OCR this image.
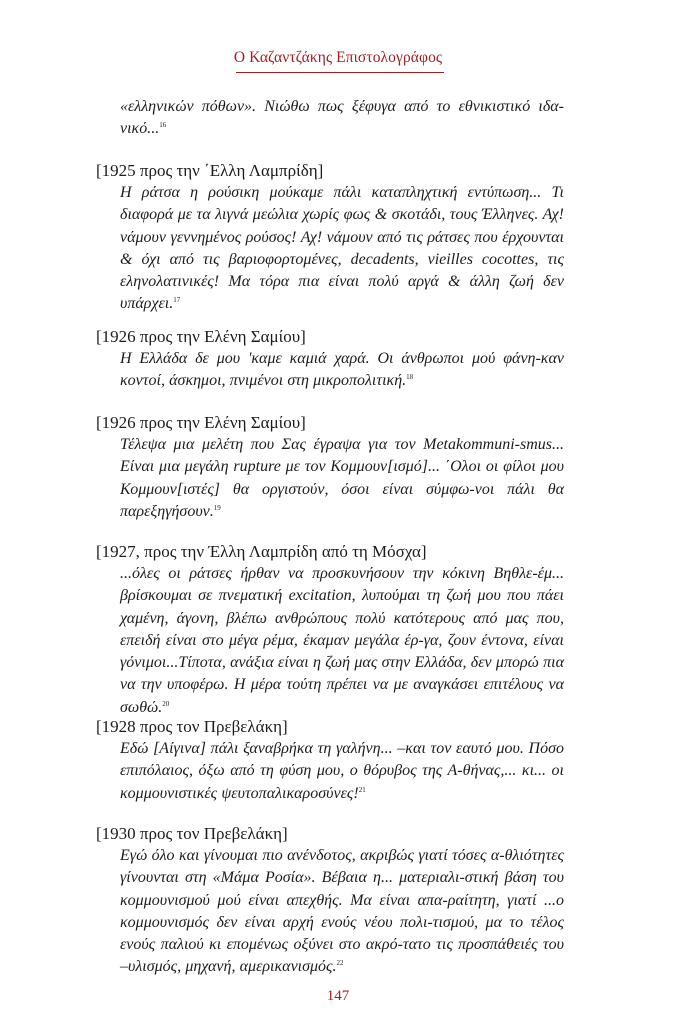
Ο Καζαντζάκης Επιστολογράφος
«ελληνικών πόθων». Νιώθω πως ξέφυγα από το εθνικιστικό ιδα-νικό...$^{16}$
[1925 προς την ΄Ελλη Λαμπρίδη]
Η ράτσα η ρούσικη μούκαμε πάλι καταπληχτική εντύπωση... Τι διαφορά με τα λιγνά μεώλια χωρίς φως & σκοτάδι, τους Έλληνες. Αχ! νάμουν γεννημένος ρούσος! Αχ! νάμουν από τις ράτσες που έρχουνται & όχι από τις βαριοφορτομένες, decadents, vieilles cocottes, τις εληνολατινικές! Μα τόρα πια είναι πολύ αργά & άλλη ζωή δεν υπάρχει.$^{17}$
[1926 προς την Ελένη Σαμίου]
Η Ελλάδα δε μου 'καμε καμιά χαρά. Οι άνθρωποι μού φάνη-καν κοντοί, άσκημοι, πνιμένοι στη μικροπολιτική.$^{18}$
[1926 προς την Ελένη Σαμίου]
Τέλεψα μια μελέτη που Σας έγραψα για τον Metakommuni-smus... Είναι μια μεγάλη rupture με τον Κομμουν[ισμό]... ΄Ολοι οι φίλοι μου Κομμουν[ιστές] θα οργιστούν, όσοι είναι σύμφω-νοι πάλι θα παρεξηγήσουν.$^{19}$
[1927, προς την Έλλη Λαμπρίδη από τη Μόσχα]
...όλες οι ράτσες ήρθαν να προσκυνήσουν την κόκινη Βηθλε-έμ... βρίσκουμαι σε πνεματική excitation, λυπούμαι τη ζωή μου που πάει χαμένη, άγονη, βλέπω ανθρώπους πολύ κατότερους από μας που, επειδή είναι στο μέγα ρέμα, έκαμαν μεγάλα έρ-γα, ζουν έντονα, είναι γόνιμοι...Τίποτα, ανάξια είναι η ζωή μας στην Ελλάδα, δεν μπορώ πια να την υποφέρω. Η μέρα τούτη πρέπει να με αναγκάσει επιτέλους να σωθώ.$^{20}$
[1928 προς τον Πρεβελάκη]
Εδώ [Αίγινα] πάλι ξαναβρήκα τη γαλήνη... –και τον εαυτό μου. Πόσο επιπόλαιος, όξω από τη φύση μου, ο θόρυβος της Α-θήνας,... κι... οι κομμουνιστικές ψευτοπαλικαροσύνες!$^{21}$
[1930 προς τον Πρεβελάκη]
Εγώ όλο και γίνουμαι πιο ανένδοτος, ακριβώς γιατί τόσες α-θλιότητες γίνουνται στη «Μάμα Ροσία». Βέβαια η... ματεριαλι-στική βάση του κομμουνισμού μού είναι απεχθής. Μα είναι απα-ραίτητη, γιατί ...ο κομμουνισμός δεν είναι αρχή ενούς νέου πολι-τισμού, μα το τέλος ενούς παλιού κι επομένως οξύνει στο ακρό-τατο τις προσπάθειές του –υλισμός, μηχανή, αμερικανισμός.$^{22}$
147
